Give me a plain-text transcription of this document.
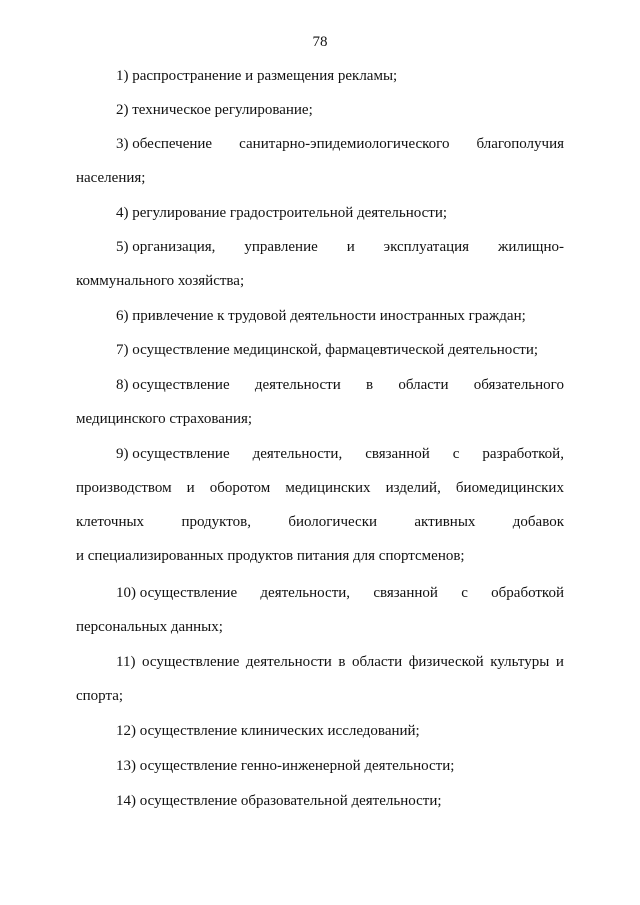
78
1) распространение и размещения рекламы;
2) техническое регулирование;
3) обеспечение санитарно-эпидемиологического благополучия
населения;
4) регулирование градостроительной деятельности;
5) организация, управление и эксплуатация жилищно-
коммунального хозяйства;
6) привлечение к трудовой деятельности иностранных граждан;
7) осуществление медицинской, фармацевтической деятельности;
8) осуществление деятельности в области обязательного
медицинского страхования;
9) осуществление деятельности, связанной с разработкой,
производством и оборотом медицинских изделий, биомедицинских
клеточных продуктов, биологически активных добавок
и специализированных продуктов питания для спортсменов;
10) осуществление деятельности, связанной с обработкой
персональных данных;
11) осуществление деятельности в области физической культуры и
спорта;
12) осуществление клинических исследований;
13) осуществление генно-инженерной деятельности;
14) осуществление образовательной деятельности;
